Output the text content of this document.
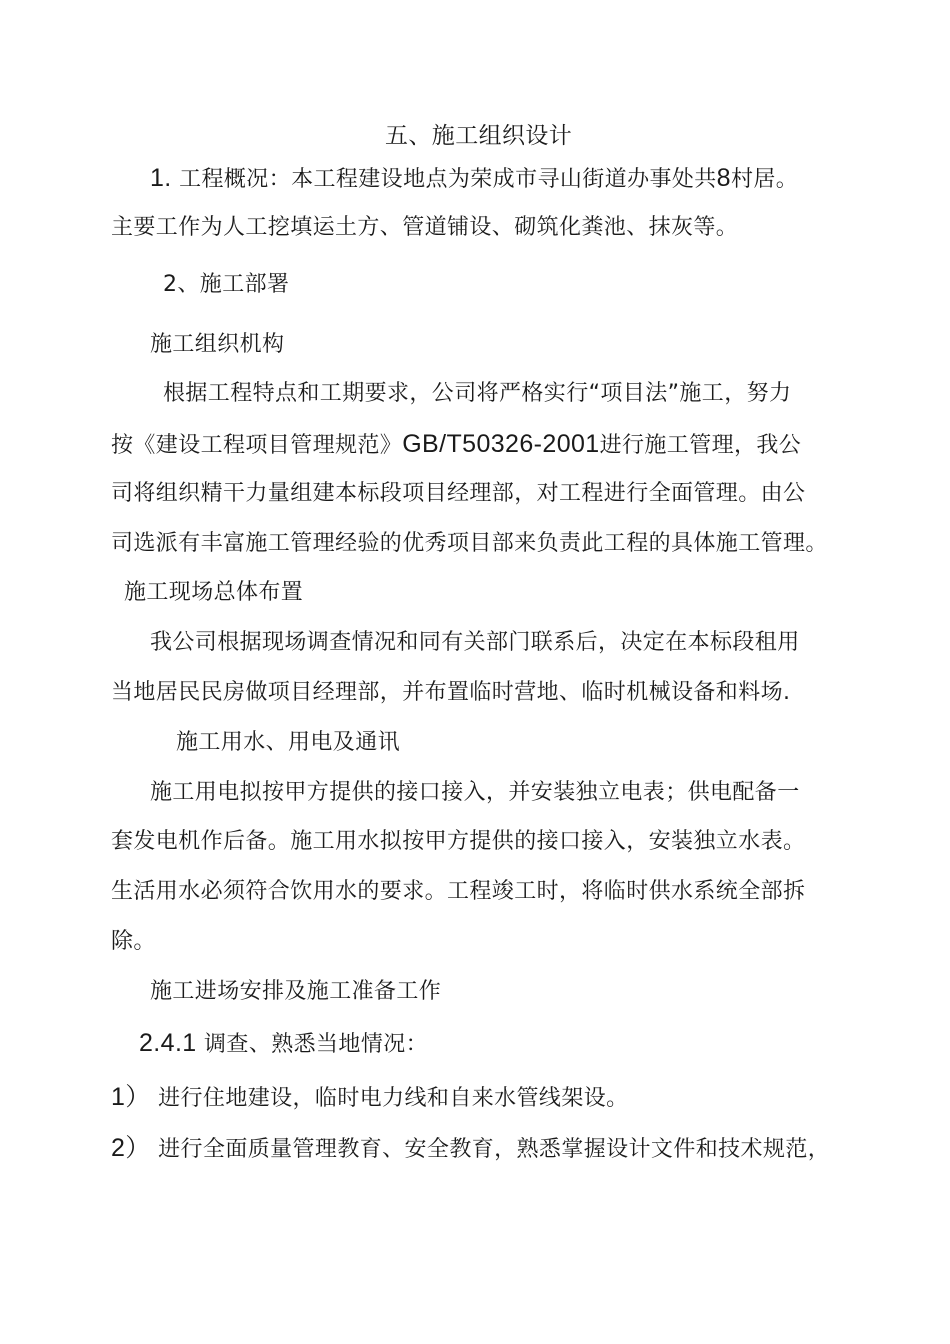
五、施工组织设计
1. 工程概况：本工程建设地点为荣成市寻山街道办事处共8村居。
主要工作为人工挖填运土方、管道铺设、砌筑化粪池、抹灰等。
2、施工部署
施工组织机构
根据工程特点和工期要求，公司将严格实行“项目法”施工，努力
按《建设工程项目管理规范》GB/T50326-2001进行施工管理，我公
司将组织精干力量组建本标段项目经理部，对工程进行全面管理。由公
司选派有丰富施工管理经验的优秀项目部来负责此工程的具体施工管理。
施工现场总体布置
我公司根据现场调查情况和同有关部门联系后，决定在本标段租用
当地居民民房做项目经理部，并布置临时营地、临时机械设备和料场.
施工用水、用电及通讯
施工用电拟按甲方提供的接口接入，并安装独立电表；供电配备一
套发电机作后备。施工用水拟按甲方提供的接口接入，安装独立水表。
生活用水必须符合饮用水的要求。工程竣工时，将临时供水系统全部拆
除。
施工进场安排及施工准备工作
2.4.1 调查、熟悉当地情况：
1） 进行住地建设，临时电力线和自来水管线架设。
2） 进行全面质量管理教育、安全教育，熟悉掌握设计文件和技术规范，
